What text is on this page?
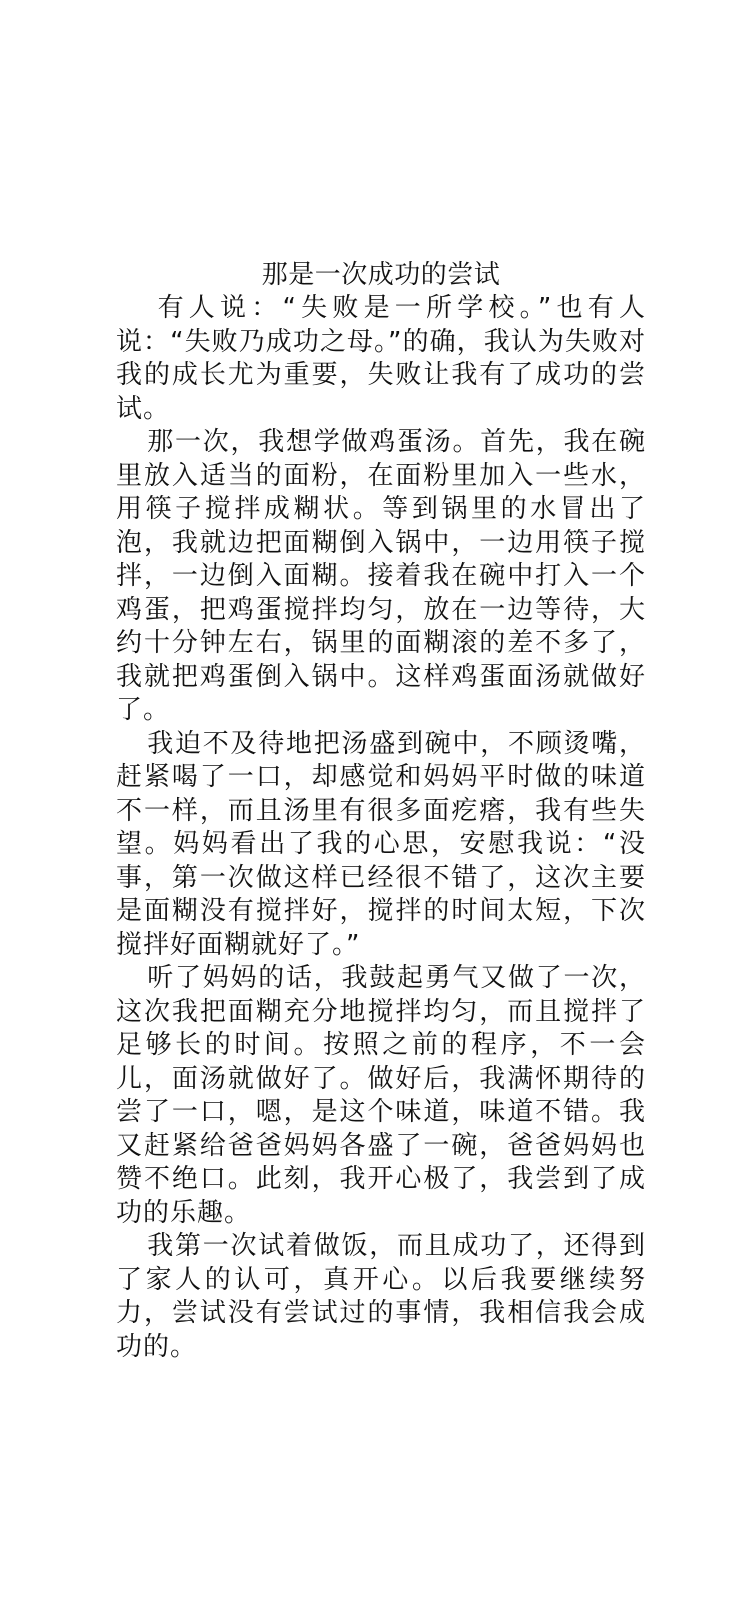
那是一次成功的尝试

有人说：“失败是一所学校。”也有人说：“失败乃成功之母。”的确，我认为失败对我的成长尤为重要，失败让我有了成功的尝试。

那一次，我想学做鸡蛋汤。首先，我在碗里放入适当的面粉，在面粉里加入一些水，用筷子搅拌成糊状。等到锅里的水冒出了泡，我就边把面糊倒入锅中，一边用筷子搅拌，一边倒入面糊。接着我在碗中打入一个鸡蛋，把鸡蛋搅拌均匀，放在一边等待，大约十分钟左右，锅里的面糊滚的差不多了，我就把鸡蛋倒入锅中。这样鸡蛋面汤就做好了。

我迫不及待地把汤盛到碗中，不顾烫嘴，赶紧喝了一口，却感觉和妈妈平时做的味道不一样，而且汤里有很多面疙瘩，我有些失望。妈妈看出了我的心思，安慰我说：“没事，第一次做这样已经很不错了，这次主要是面糊没有搅拌好，搅拌的时间太短，下次搅拌好面糊就好了。”

听了妈妈的话，我鼓起勇气又做了一次，这次我把面糊充分地搅拌均匀，而且搅拌了足够长的时间。按照之前的程序，不一会儿，面汤就做好了。做好后，我满怀期待的尝了一口，嗯，是这个味道，味道不错。我又赶紧给爸爸妈妈各盛了一碗，爸爸妈妈也赞不绝口。此刻，我开心极了，我尝到了成功的乐趣。

我第一次试着做饭，而且成功了，还得到了家人的认可，真开心。以后我要继续努力，尝试没有尝试过的事情，我相信我会成功的。
